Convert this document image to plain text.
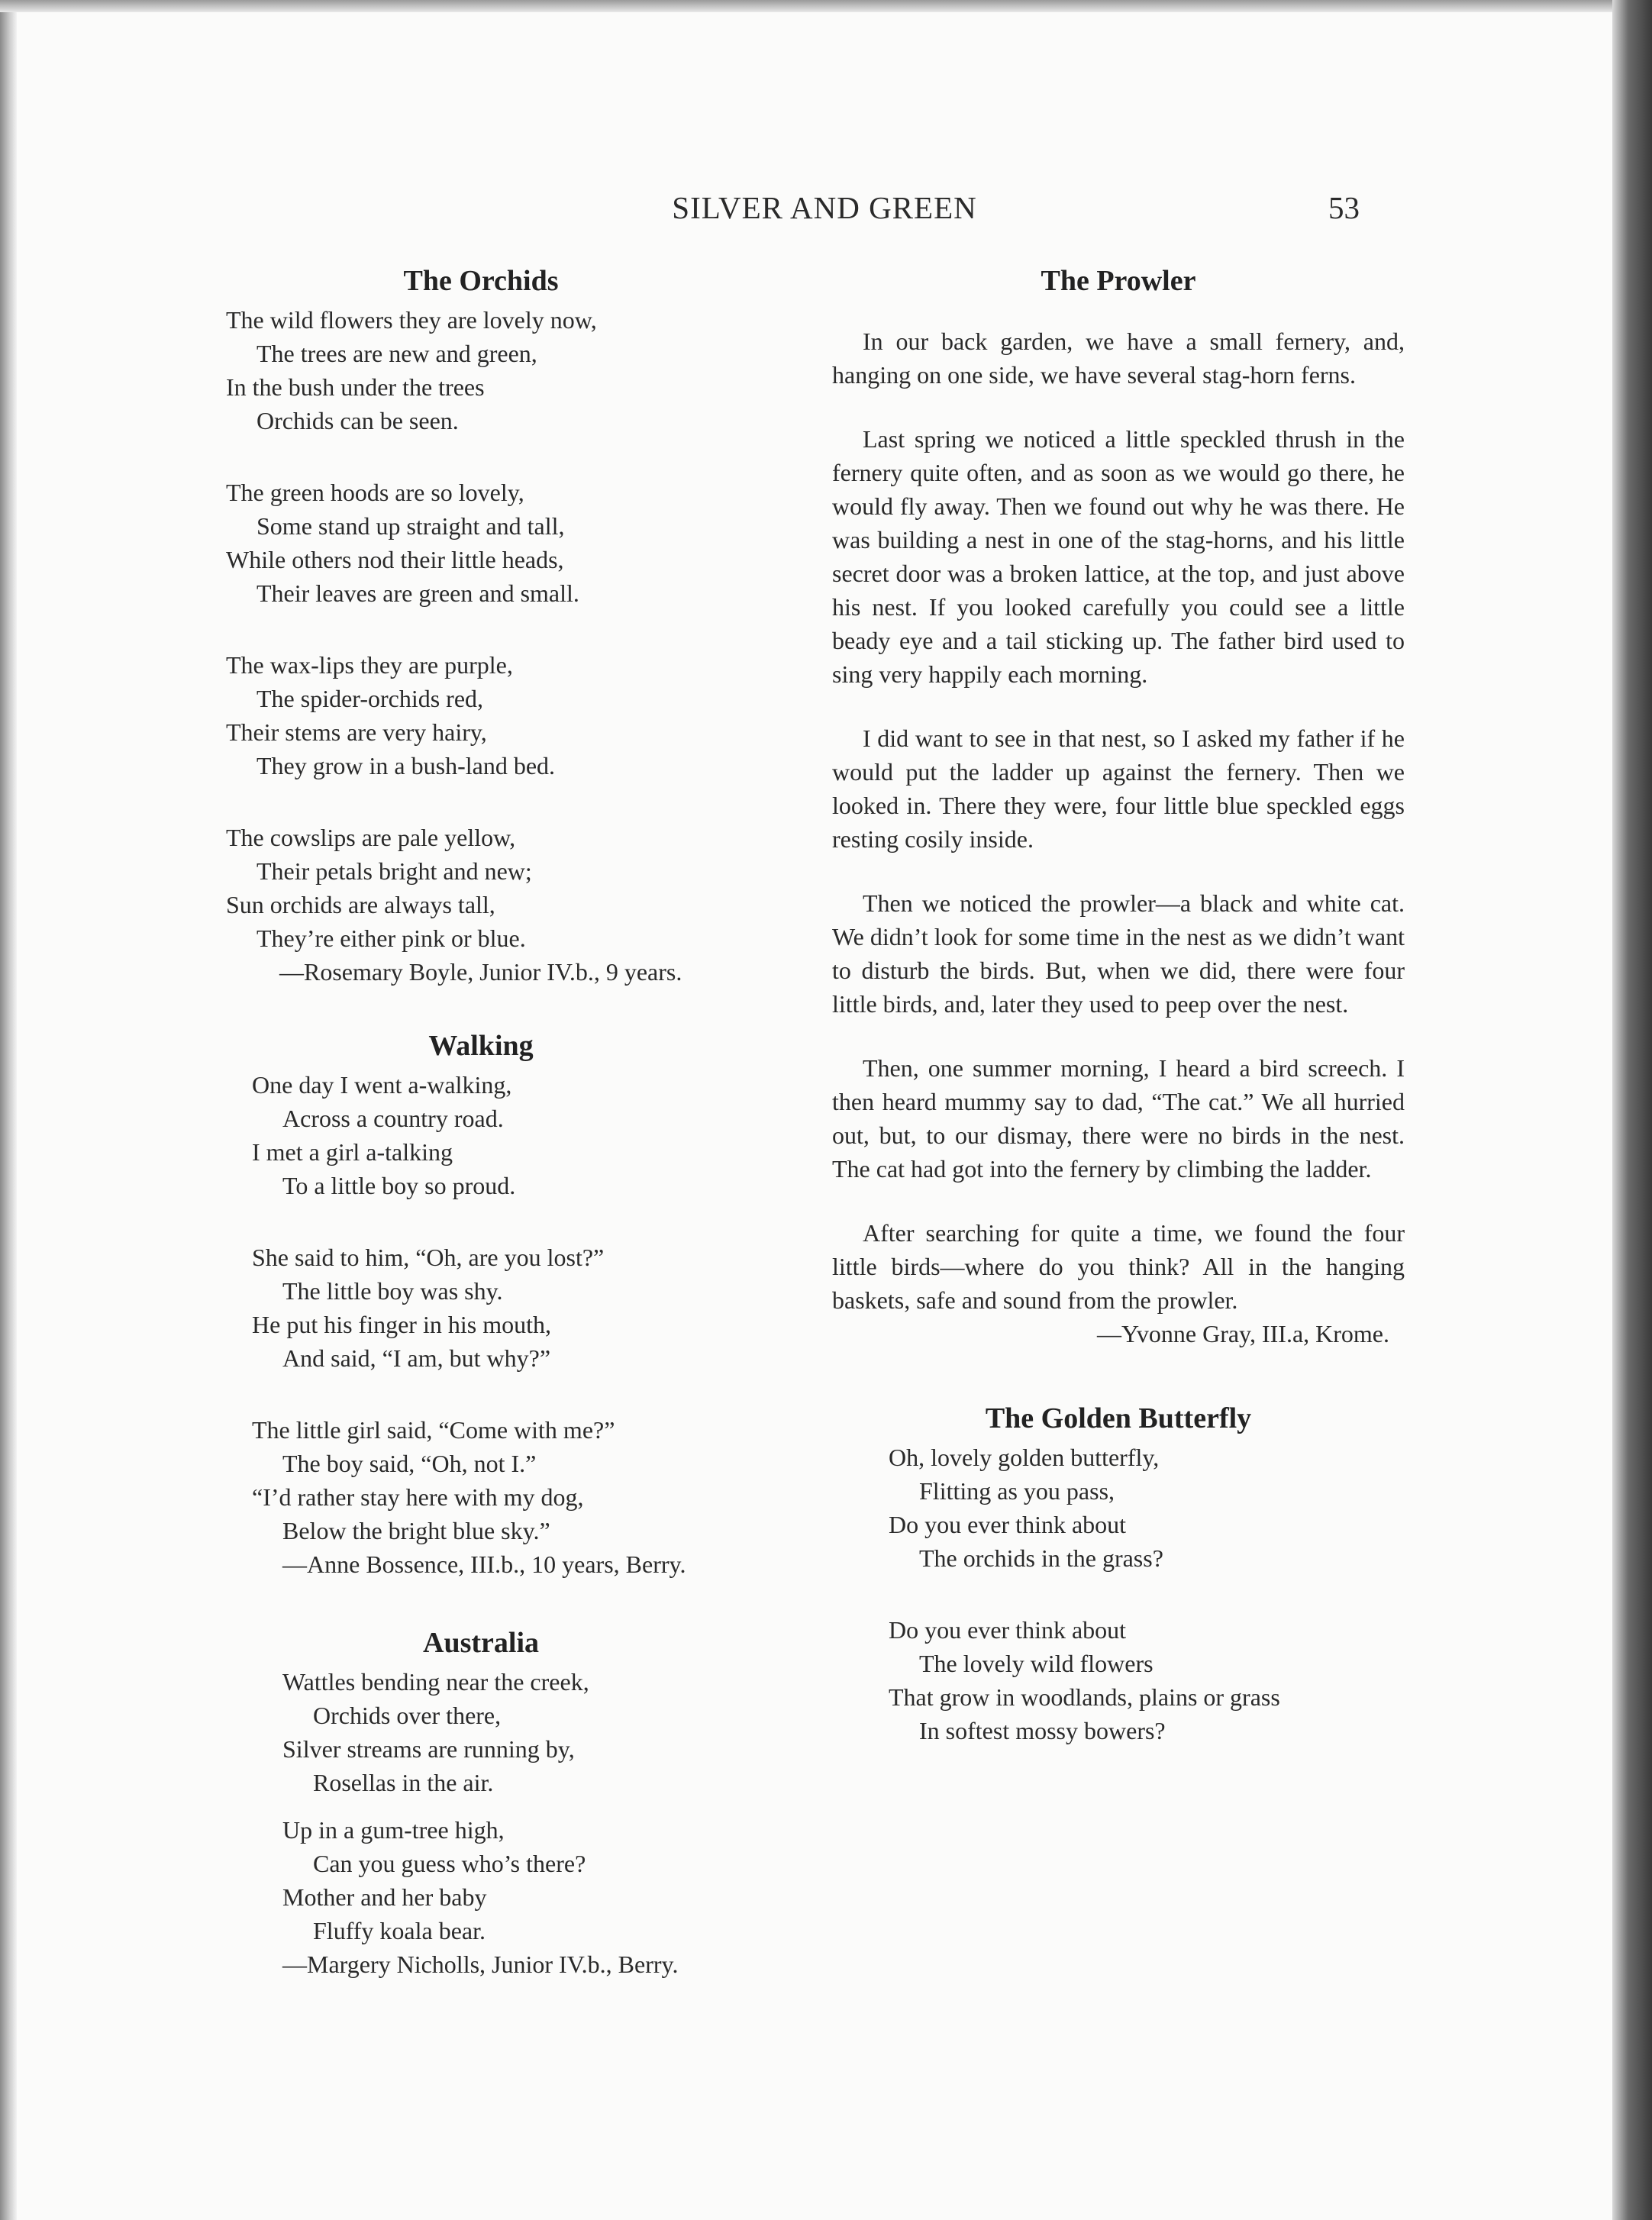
SILVER AND GREEN	53
The Orchids
The wild flowers they are lovely now,
The trees are new and green,
In the bush under the trees
Orchids can be seen.
The green hoods are so lovely,
Some stand up straight and tall,
While others nod their little heads,
Their leaves are green and small.
The wax-lips they are purple,
The spider-orchids red,
Their stems are very hairy,
They grow in a bush-land bed.
The cowslips are pale yellow,
Their petals bright and new;
Sun orchids are always tall,
They’re either pink or blue.
—Rosemary Boyle, Junior IV.b., 9 years.
Walking
One day I went a-walking,
Across a country road.
I met a girl a-talking
To a little boy so proud.
She said to him, “Oh, are you lost?”
The little boy was shy.
He put his finger in his mouth,
And said, “I am, but why?”
The little girl said, “Come with me?”
The boy said, “Oh, not I.”
“I’d rather stay here with my dog,
Below the bright blue sky.”
—Anne Bossence, III.b., 10 years, Berry.
Australia
Wattles bending near the creek,
Orchids over there,
Silver streams are running by,
Rosellas in the air.
Up in a gum-tree high,
Can you guess who’s there?
Mother and her baby
Fluffy koala bear.
—Margery Nicholls, Junior IV.b., Berry.
The Prowler

In our back garden, we have a small fernery, and, hanging on one side, we have several stag-horn ferns.

Last spring we noticed a little speckled thrush in the fernery quite often, and as soon as we would go there, he would fly away. Then we found out why he was there. He was building a nest in one of the stag-horns, and his little secret door was a broken lattice, at the top, and just above his nest. If you looked carefully you could see a little beady eye and a tail sticking up. The father bird used to sing very happily each morning.

I did want to see in that nest, so I asked my father if he would put the ladder up against the fernery. Then we looked in. There they were, four little blue speckled eggs resting cosily inside.

Then we noticed the prowler—a black and white cat. We didn’t look for some time in the nest as we didn’t want to disturb the birds. But, when we did, there were four little birds, and, later they used to peep over the nest.

Then, one summer morning, I heard a bird screech. I then heard mummy say to dad, “The cat.” We all hurried out, but, to our dismay, there were no birds in the nest. The cat had got into the fernery by climbing the ladder.

After searching for quite a time, we found the four little birds—where do you think? All in the hanging baskets, safe and sound from the prowler.

—Yvonne Gray, III.a, Krome.
The Golden Butterfly
Oh, lovely golden butterfly,
Flitting as you pass,
Do you ever think about
The orchids in the grass?
Do you ever think about
The lovely wild flowers
That grow in woodlands, plains or grass
In softest mossy bowers?
